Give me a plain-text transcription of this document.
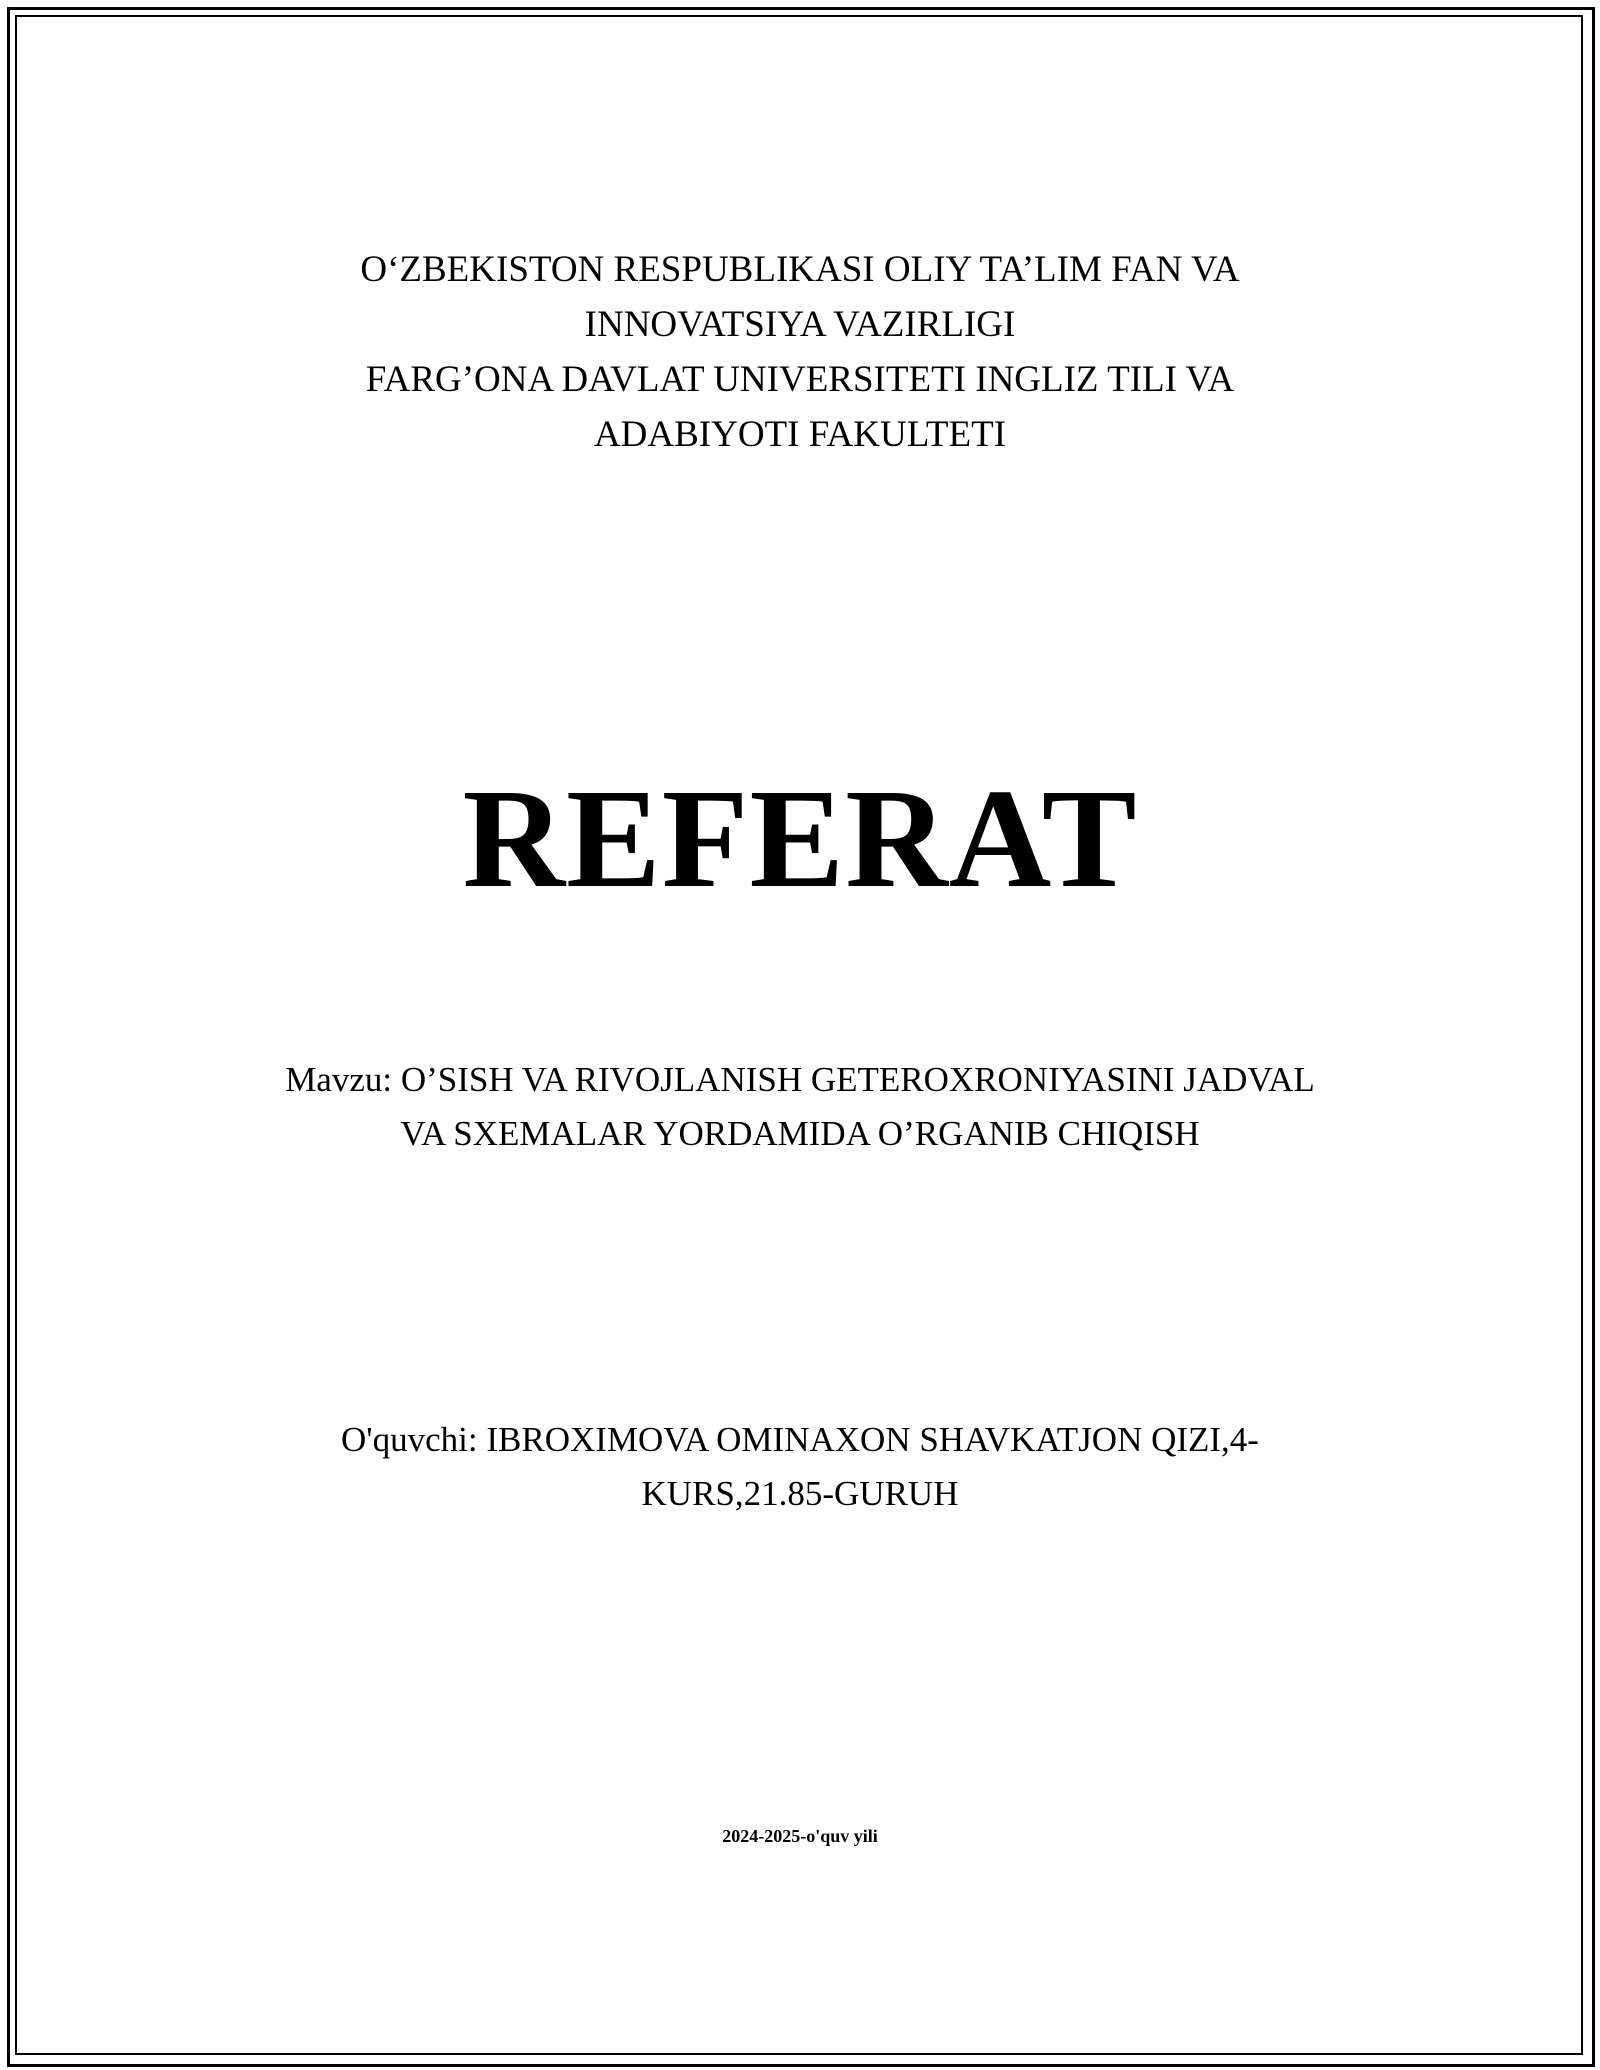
O‘ZBEKISTON RESPUBLIKASI OLIY TA’LIM FAN VA
INNOVATSIYA VAZIRLIGI
FARG’ONA DAVLAT UNIVERSITETI INGLIZ TILI VA
ADABIYOTI FAKULTETI
REFERAT
Mavzu: O’SISH VA RIVOJLANISH GETEROXRONIYASINI JADVAL
VA SXEMALAR YORDAMIDA O’RGANIB CHIQISH
O'quvchi: IBROXIMOVA OMINAXON SHAVKATJON QIZI,4-
KURS,21.85-GURUH
2024-2025-o'quv yili
